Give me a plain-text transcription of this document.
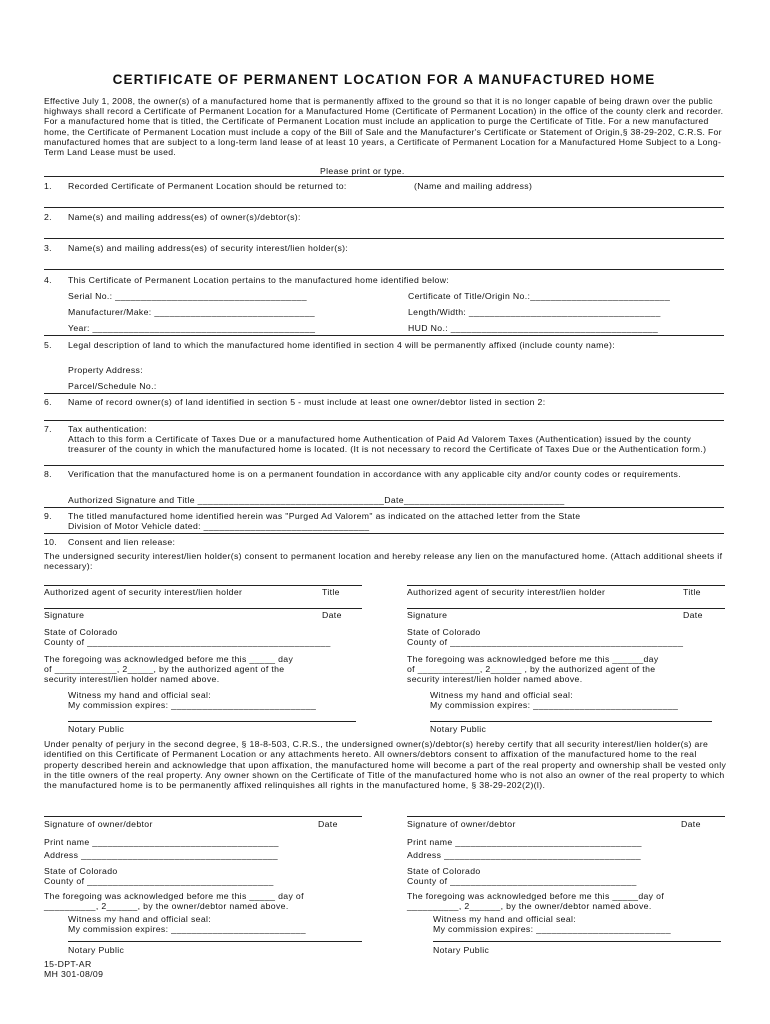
CERTIFICATE OF PERMANENT LOCATION FOR A MANUFACTURED HOME
Effective July 1, 2008, the owner(s) of a manufactured home that is permanently affixed to the ground so that it is no longer capable of being drawn over the public highways shall record a Certificate of Permanent Location for a Manufactured Home (Certificate of Permanent Location) in the office of the county clerk and recorder. For a manufactured home that is titled, the Certificate of Permanent Location must include an application to purge the Certificate of Title. For a new manufactured home, the Certificate of Permanent Location must include a copy of the Bill of Sale and the Manufacturer's Certificate or Statement of Origin,§ 38-29-202, C.R.S. For manufactured homes that are subject to a long-term land lease of at least 10 years, a Certificate of Permanent Location for a Manufactured Home Subject to a Long-Term Land Lease must be used.
Please print or type.
1. Recorded Certificate of Permanent Location should be returned to:	(Name and mailing address)
2. Name(s) and mailing address(es) of owner(s)/debtor(s):
3. Name(s) and mailing address(es) of security interest/lien holder(s):
4. This Certificate of Permanent Location pertains to the manufactured home identified below:
Serial No.: _____________________________________	Certificate of Title/Origin No.:___________________________
Manufacturer/Make: _______________________________	Length/Width: _____________________________________
Year: ___________________________________________	HUD No.: ________________________________________
5. Legal description of land to which the manufactured home identified in section 4 will be permanently affixed (include county name):
Property Address:
Parcel/Schedule No.:
6. Name of record owner(s) of land identified in section 5 - must include at least one owner/debtor listed in section 2:
7. Tax authentication:
Attach to this form a Certificate of Taxes Due or a manufactured home Authentication of Paid Ad Valorem Taxes (Authentication) issued by the county treasurer of the county in which the manufactured home is located. (It is not necessary to record the Certificate of Taxes Due or the Authentication form.)
8. Verification that the manufactured home is on a permanent foundation in accordance with any applicable city and/or county codes or requirements.
Authorized Signature and Title ____________________________________Date_______________________________
9. The titled manufactured home identified herein was "Purged Ad Valorem" as indicated on the attached letter from the State
Division of Motor Vehicle dated: ________________________________
10. Consent and lien release:
The undersigned security interest/lien holder(s) consent to permanent location and hereby release any lien on the manufactured home. (Attach additional sheets if necessary):
Authorized agent of security interest/lien holder	Title
Signature	Date
State of Colorado
County of _______________________________________________
The foregoing was acknowledged before me this _____ day
of ____________, 2_____, by the authorized agent of the
security interest/lien holder named above.
Witness my hand and official seal:
My commission expires: ____________________________
Notary Public
Authorized agent of security interest/lien holder	Title
Signature	Date
State of Colorado
County of _____________________________________________
The foregoing was acknowledged before me this ______day
of ____________, 2______ , by the authorized agent of the
security interest/lien holder named above.
Witness my hand and official seal:
My commission expires: ____________________________
Notary Public
Under penalty of perjury in the second degree, § 18-8-503, C.R.S., the undersigned owner(s)/debtor(s) hereby certify that all security interest/lien holder(s) are identified on this Certificate of Permanent Location or any attachments hereto. All owners/debtors consent to affixation of the manufactured home to the real property described herein and acknowledge that upon affixation, the manufactured home will become a part of the real property and ownership shall be vested only in the title owners of the real property. Any owner shown on the Certificate of Title of the manufactured home who is not also an owner of the real property to which the manufactured home is to be permanently affixed relinquishes all rights in the manufactured home, § 38-29-202(2)(l).
Signature of owner/debtor	Date
Print name ____________________________________
Address ______________________________________
State of Colorado
County of ____________________________________
The foregoing was acknowledged before me this _____ day of
__________, 2______, by the owner/debtor named above.
Witness my hand and official seal:
My commission expires: __________________________
Notary Public
Signature of owner/debtor	Date
Print name ____________________________________
Address ______________________________________
State of Colorado
County of ____________________________________
The foregoing was acknowledged before me this _____day of
__________, 2______, by the owner/debtor named above.
Witness my hand and official seal:
My commission expires: __________________________
Notary Public
15-DPT-AR
MH 301-08/09
